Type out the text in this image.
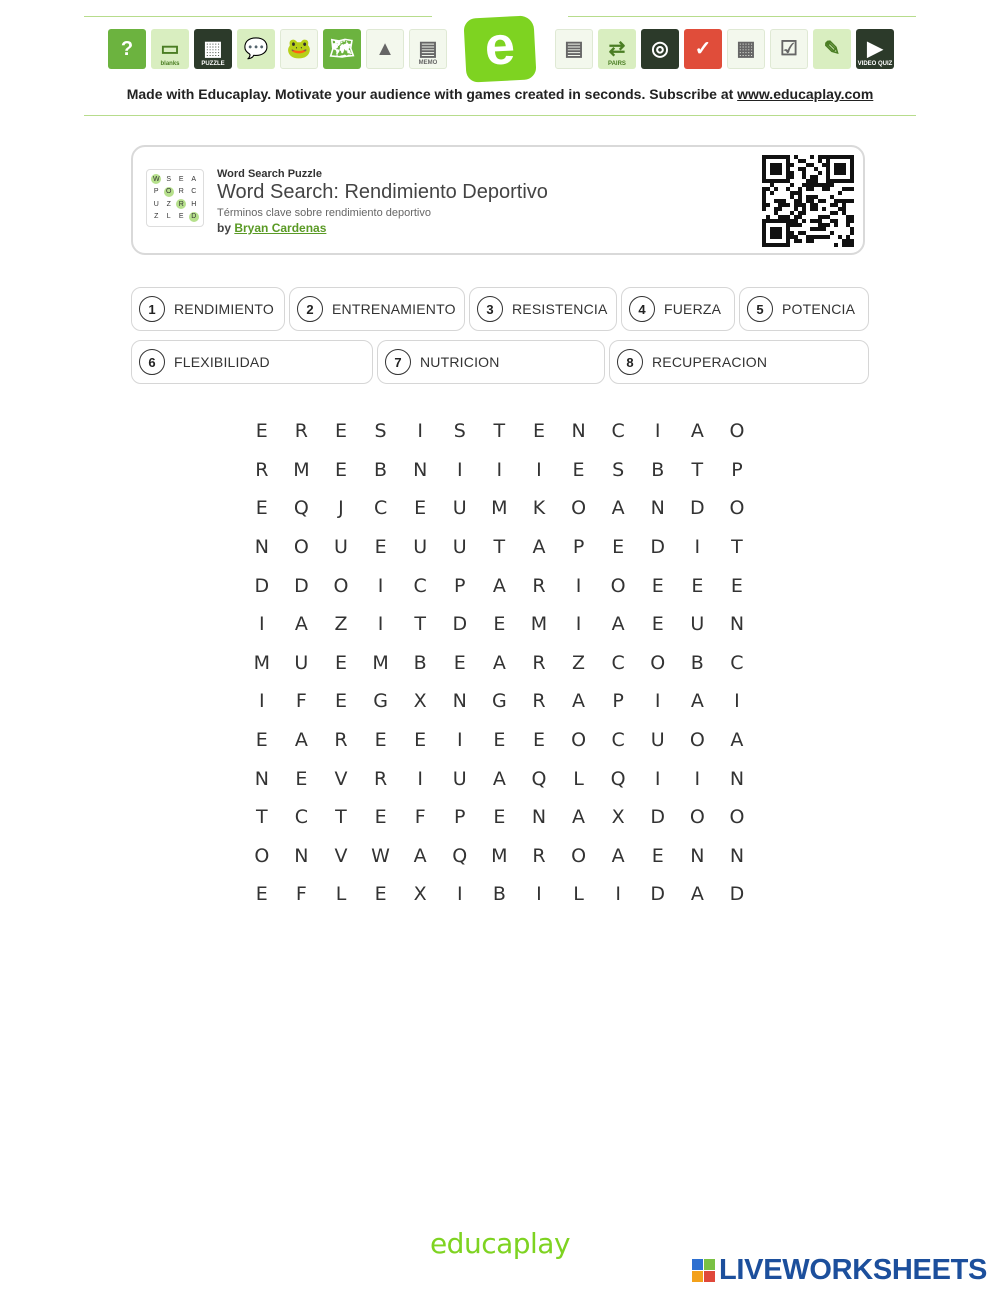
? ▭
blanks
▦
PUZZLE
💬 🐸 🗺 ▲ ▤
MEMO e ▤ ⇄
PAIRS
◎ ✓ ▦ ☑ ✎ ▶
VIDEO QUIZ
Made with Educaplay. Motivate your audience with games created in seconds. Subscribe at www.educaplay.com
W S E A
P	O	R C
U Z	R	H
Z L E	D
Word Search Puzzle
Word Search: Rendimiento Deportivo
Términos clave sobre rendimiento deportivo
by Bryan Cardenas
1	RENDIMIENTO	2	ENTRENAMIENTO	3	RESISTENCIA	4	FUERZA	5	POTENCIA
6	FLEXIBILIDAD	7	NUTRICION	8	RECUPERACION
E	R	E	S	I	S	T	E	N	C	I	A	O
R	M	E	B	N	I	I	I	E	S	B	T	P
E	Q	J	C	E	U	M	K	O	A	N	D	O
N	O	U	E	U	U	T	A	P	E	D	I	T
D	D	O	I	C	P	A	R	I	O	E	E	E
I	A	Z	I	T	D	E	M	I	A	E	U	N
M	U	E	M	B	E	A	R	Z	C	O	B	C
I	F	E	G	X	N	G	R	A	P	I	A	I
E	A	R	E	E	I	E	E	O	C	U	O	A
N	E	V	R	I	U	A	Q	L	Q	I	I	N
T	C	T	E	F	P	E	N	A	X	D	O	O
O	N	V	W	A	Q	M	R	O	A	E	N	N
E	F	L	E	X	I	B	I	L	I	D	A	D
educaplay
LIVEWORKSHEETS
